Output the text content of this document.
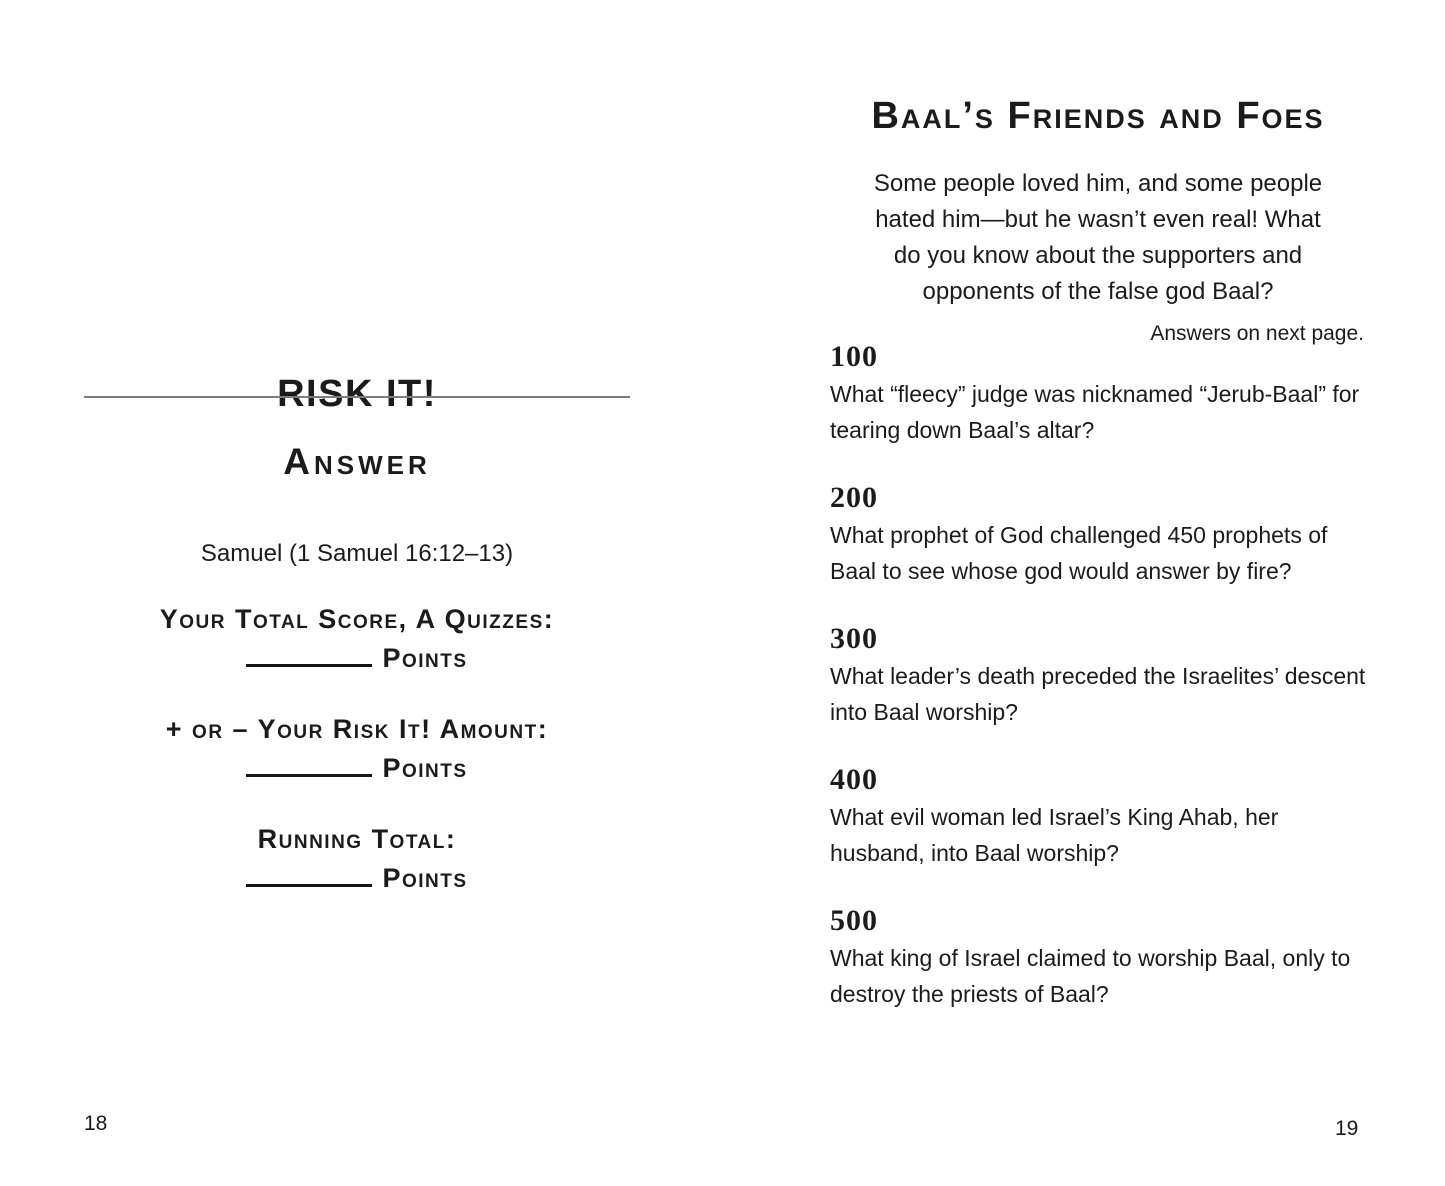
RISK IT!
Answer

Samuel (1 Samuel 16:12–13)

Your Total Score, A Quizzes:
Points
+ or – Your Risk It! Amount:
Points
Running Total:
Points
Baal’s Friends and Foes

Some people loved him, and some people hated him—but he wasn’t even real! What do you know about the supporters and opponents of the false god Baal?

Answers on next page.

100
What “fleecy” judge was nicknamed “Jerub-Baal” for tearing down Baal’s altar?
200
What prophet of God challenged 450 prophets of Baal to see whose god would answer by fire?
300
What leader’s death preceded the Israelites’ descent into Baal worship?
400
What evil woman led Israel’s King Ahab, her husband, into Baal worship?
500
What king of Israel claimed to worship Baal, only to destroy the priests of Baal?
18	19
